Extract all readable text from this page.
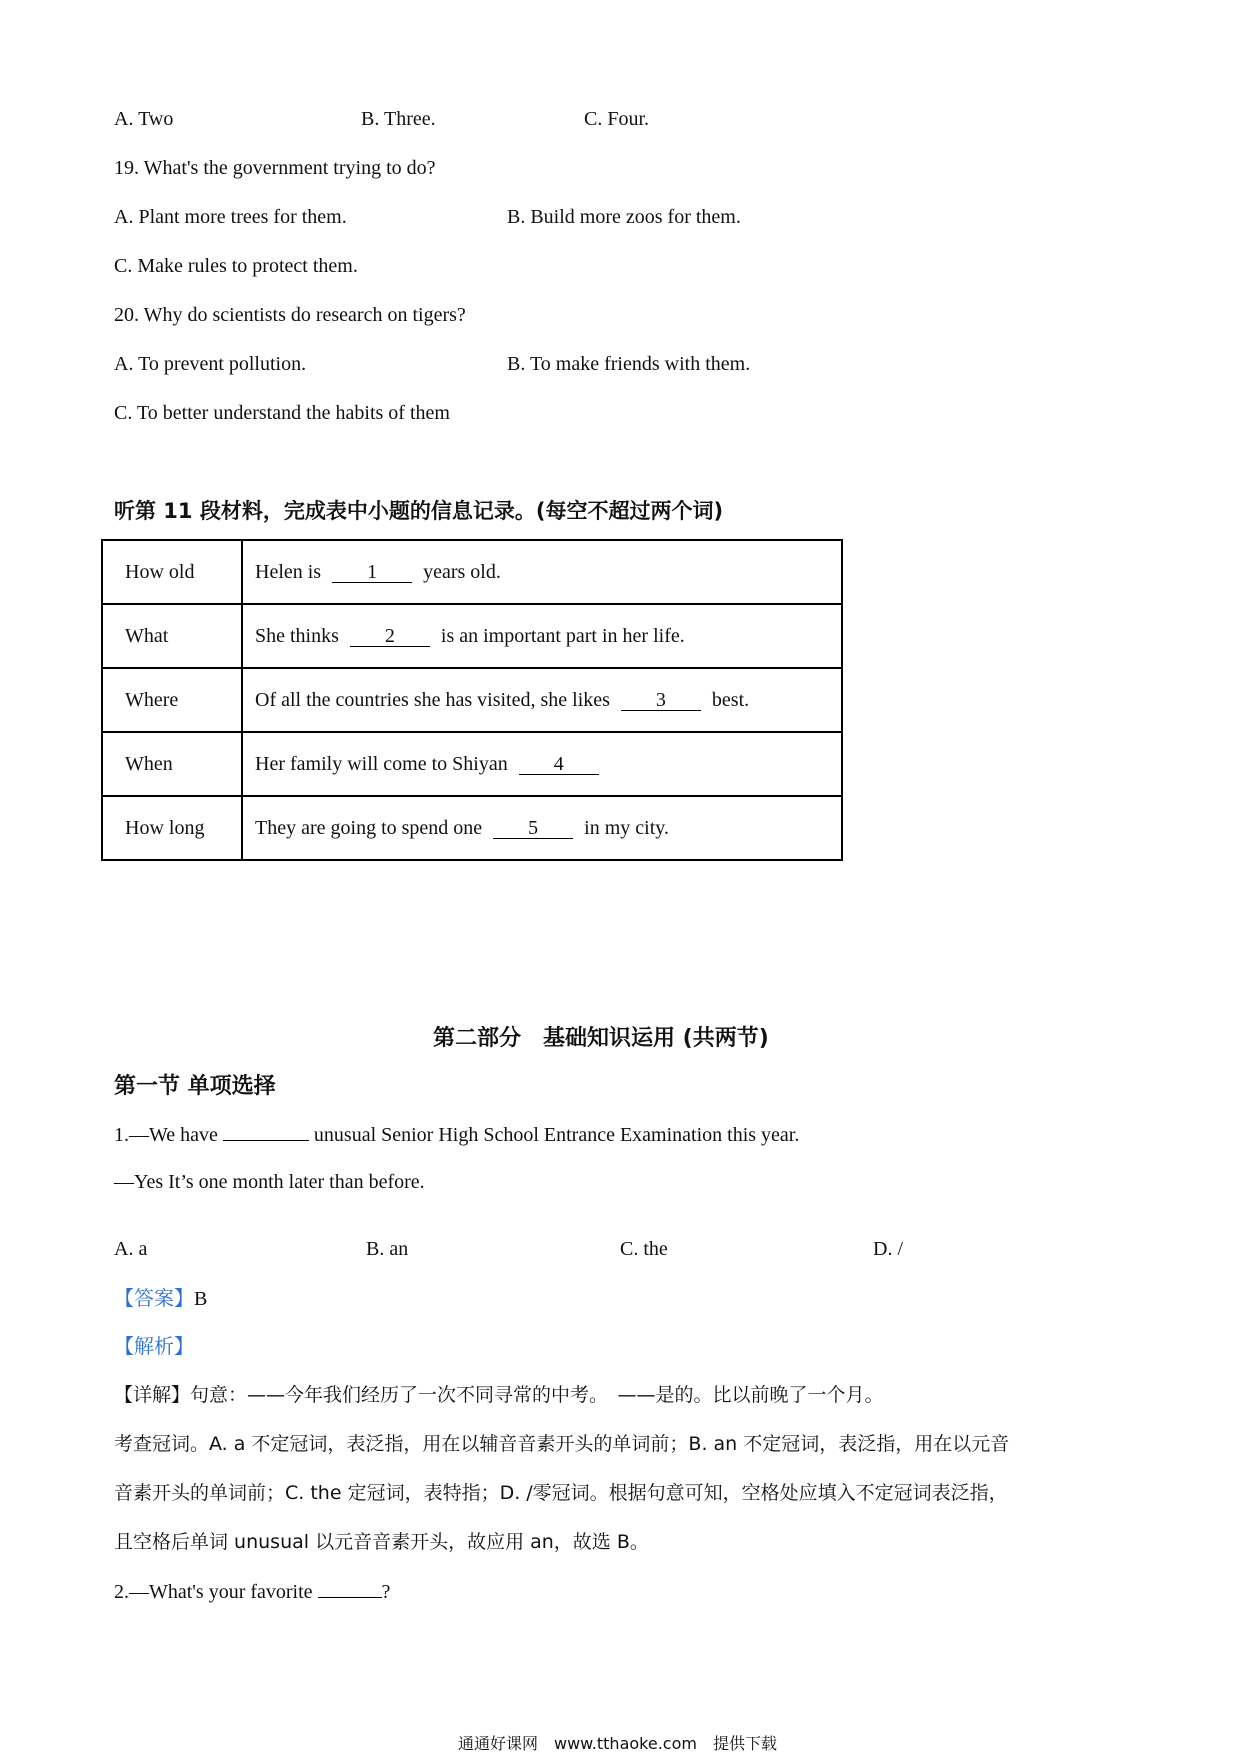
A. Two	B. Three.	C. Four.
19. What's the government trying to do?
A. Plant more trees for them.	B. Build more zoos for them.
C. Make rules to protect them.
20. Why do scientists do research on tigers?
A. To prevent pollution.	B. To make friends with them.
C. To better understand the habits of them
听第 11 段材料，完成表中小题的信息记录。(每空不超过两个词)
How old	Helen is 1 years old.
What	She thinks 2 is an important part in her life.
Where	Of all the countries she has visited, she likes 3 best.
When	Her family will come to Shiyan 4
How long	They are going to spend one 5 in my city.
第二部分　基础知识运用 (共两节)
第一节 单项选择
1.—We have	unusual Senior High School Entrance Examination this year.
—Yes It’s one month later than before.
A. a	B. an	C. the	D. /
【答案】B
【解析】
【详解】句意：——今年我们经历了一次不同寻常的中考。　——是的。比以前晚了一个月。
考查冠词。A. a 不定冠词，表泛指，用在以辅音音素开头的单词前；B. an 不定冠词，表泛指，用在以元音
音素开头的单词前；C. the 定冠词，表特指；D. /零冠词。根据句意可知，空格处应填入不定冠词表泛指，
且空格后单词 unusual 以元音音素开头，故应用 an，故选 B。
2.—What's your favorite	?
通通好课网　www.tthaoke.com　提供下载
